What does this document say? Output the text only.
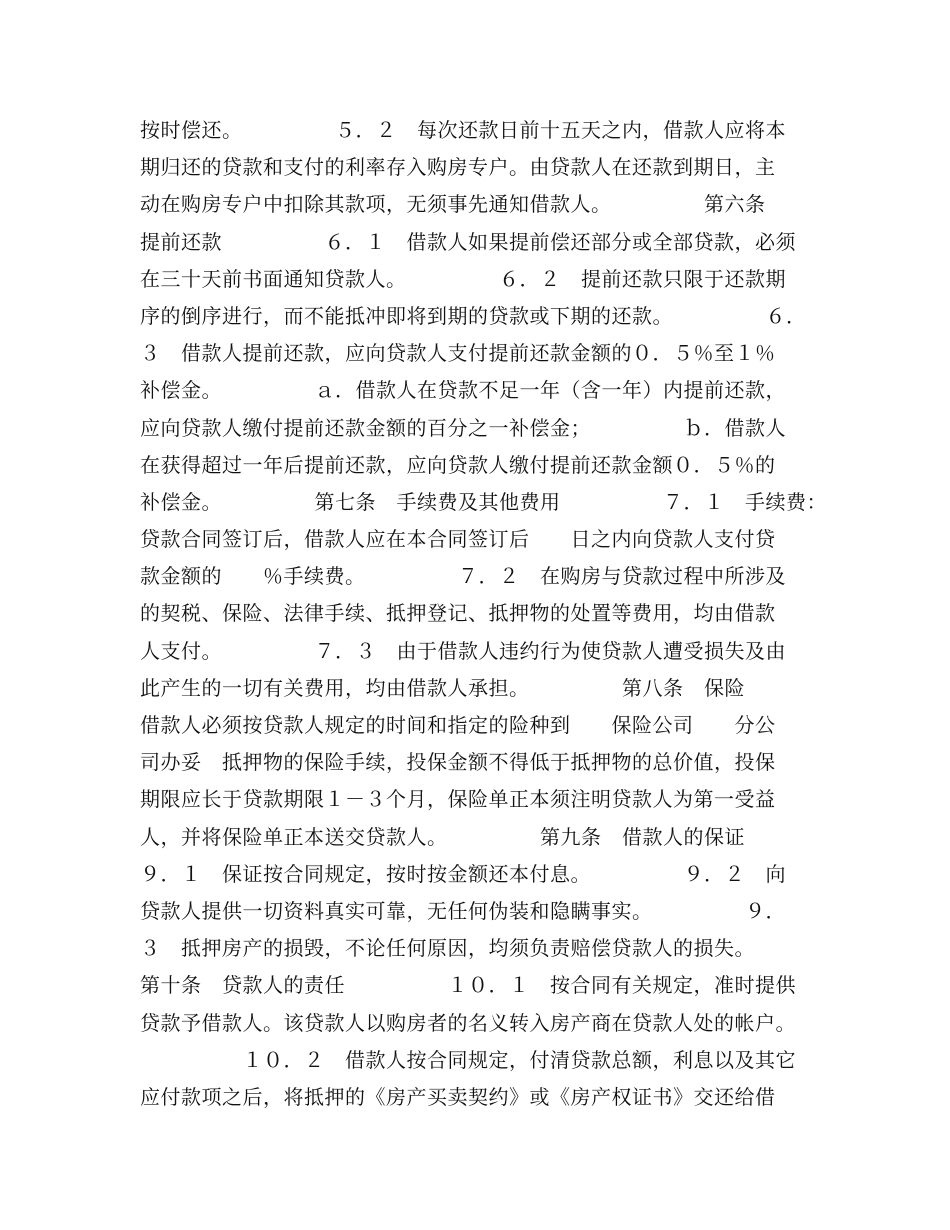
按时偿还。　　　　　５．２　每次还款日前十五天之内，借款人应将本
期归还的贷款和支付的利率存入购房专户。由贷款人在还款到期日，主
动在购房专户中扣除其款项，无须事先通知借款人。　　　　　第六条
提前还款　　　　　６．１　借款人如果提前偿还部分或全部贷款，必须
在三十天前书面通知贷款人。　　　　　６．２　提前还款只限于还款期
序的倒序进行，而不能抵冲即将到期的贷款或下期的还款。　　　　　６．
３　借款人提前还款，应向贷款人支付提前还款金额的０．５％至１％
补偿金。　　　　　ａ．借款人在贷款不足一年（含一年）内提前还款，
应向贷款人缴付提前还款金额的百分之一补偿金；　　　　　ｂ．借款人
在获得超过一年后提前还款，应向贷款人缴付提前还款金额０．５％的
补偿金。　　　　　第七条　手续费及其他费用　　　　　７．１　手续费：
贷款合同签订后，借款人应在本合同签订后　　日之内向贷款人支付贷
款金额的　　％手续费。　　　　　７．２　在购房与贷款过程中所涉及
的契税、保险、法律手续、抵押登记、抵押物的处置等费用，均由借款
人支付。　　　　　７．３　由于借款人违约行为使贷款人遭受损失及由
此产生的一切有关费用，均由借款人承担。　　　　　第八条　保险
借款人必须按贷款人规定的时间和指定的险种到　　保险公司　　分公
司办妥　抵押物的保险手续，投保金额不得低于抵押物的总价值，投保
期限应长于贷款期限１－３个月，保险单正本须注明贷款人为第一受益
人，并将保险单正本送交贷款人。　　　　　第九条　借款人的保证
９．１　保证按合同规定，按时按金额还本付息。　　　　　９．２　向
贷款人提供一切资料真实可靠，无任何伪装和隐瞒事实。　　　　　９．
３　抵押房产的损毁，不论任何原因，均须负责赔偿贷款人的损失。
第十条　贷款人的责任　　　　　１０．１　按合同有关规定，准时提供
贷款予借款人。该贷款人以购房者的名义转入房产商在贷款人处的帐户。
　　　　　１０．２　借款人按合同规定，付清贷款总额，利息以及其它
应付款项之后，将抵押的《房产买卖契约》或《房产权证书》交还给借
